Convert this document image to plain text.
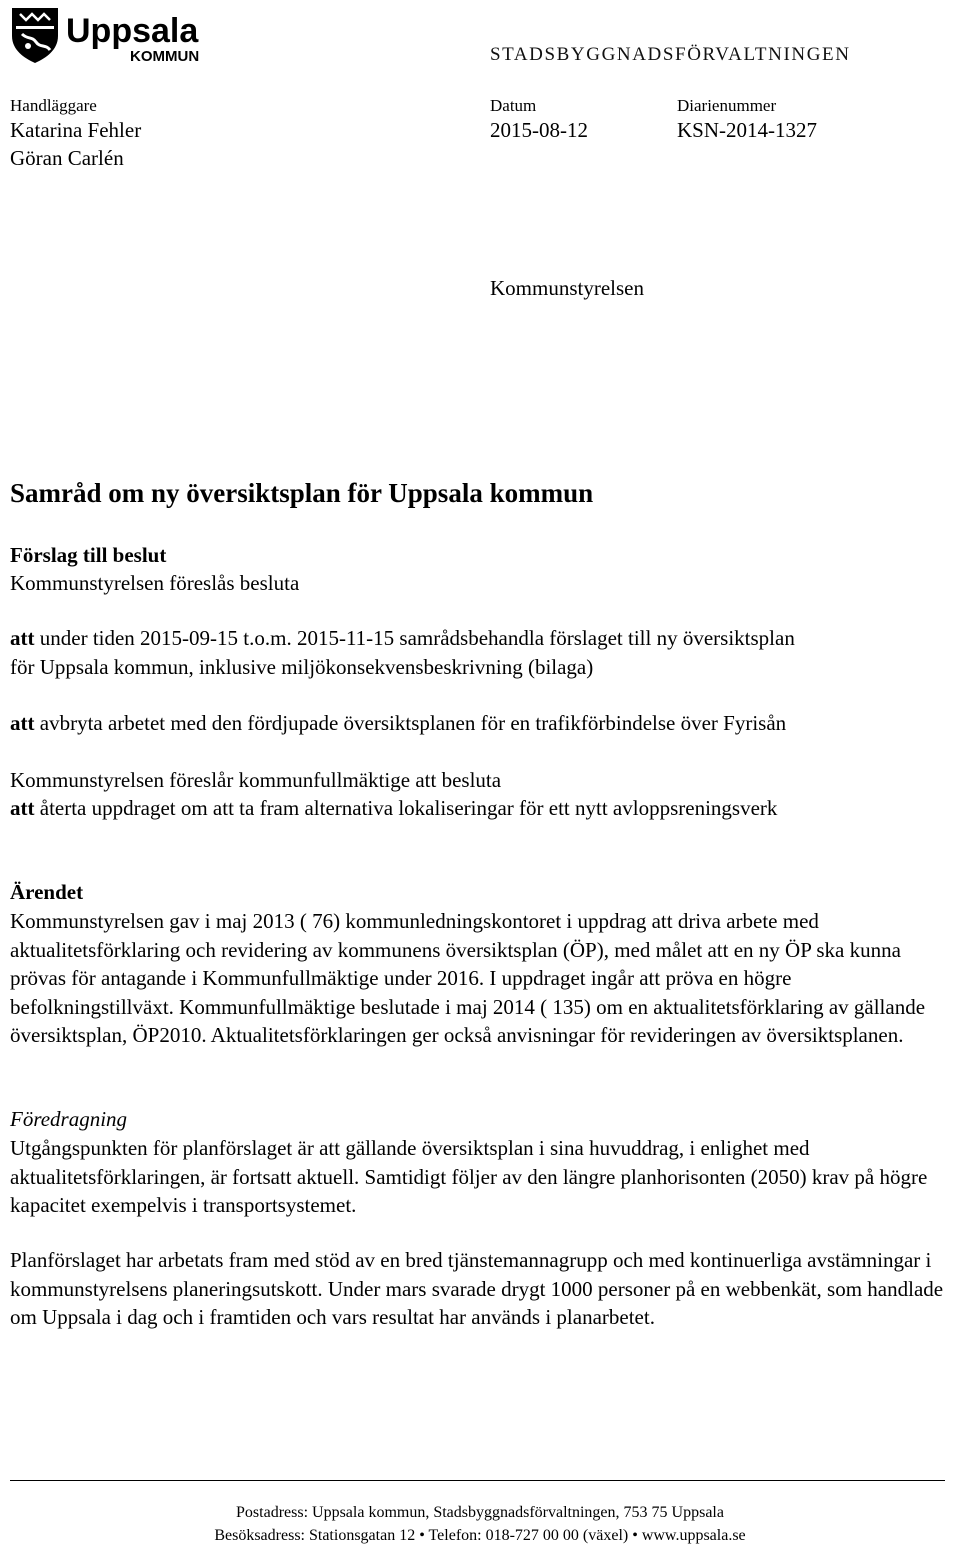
Uppsala
KOMMUN	STADSBYGGNADSFÖRVALTNINGEN
Handläggare
Katarina Fehler
Göran Carlén
Datum
2015-08-12
Diarienummer
KSN-2014-1327
Kommunstyrelsen
Samråd om ny översiktsplan för Uppsala kommun
Förslag till beslut
Kommunstyrelsen föreslås besluta
att under tiden 2015-09-15 t.o.m. 2015-11-15 samrådsbehandla förslaget till ny översiktsplan
för Uppsala kommun, inklusive miljökonsekvensbeskrivning (bilaga)
att avbryta arbetet med den fördjupade översiktsplanen för en trafikförbindelse över Fyrisån
Kommunstyrelsen föreslår kommunfullmäktige att besluta
att återta uppdraget om att ta fram alternativa lokaliseringar för ett nytt avloppsreningsverk
Ärendet
Kommunstyrelsen gav i maj 2013 ( 76) kommunledningskontoret i uppdrag att driva arbete med aktualitetsförklaring och revidering av kommunens översiktsplan (ÖP), med målet att en ny ÖP ska kunna prövas för antagande i Kommunfullmäktige under 2016. I uppdraget ingår att pröva en högre befolkningstillväxt. Kommunfullmäktige beslutade i maj 2014 ( 135) om en aktualitetsförklaring av gällande översiktsplan, ÖP2010. Aktualitetsförklaringen ger också anvisningar för revideringen av översiktsplanen.
Föredragning
Utgångspunkten för planförslaget är att gällande översiktsplan i sina huvuddrag, i enlighet med aktualitetsförklaringen, är fortsatt aktuell. Samtidigt följer av den längre planhorisonten (2050) krav på högre kapacitet exempelvis i transportsystemet.
Planförslaget har arbetats fram med stöd av en bred tjänstemannagrupp och med kontinuerliga avstämningar i kommunstyrelsens planeringsutskott. Under mars svarade drygt 1000 personer på en webbenkät, som handlade om Uppsala i dag och i framtiden och vars resultat har används i planarbetet.
Postadress: Uppsala kommun, Stadsbyggnadsförvaltningen, 753 75 Uppsala
Besöksadress: Stationsgatan 12 • Telefon: 018-727 00 00 (växel) • www.uppsala.se
